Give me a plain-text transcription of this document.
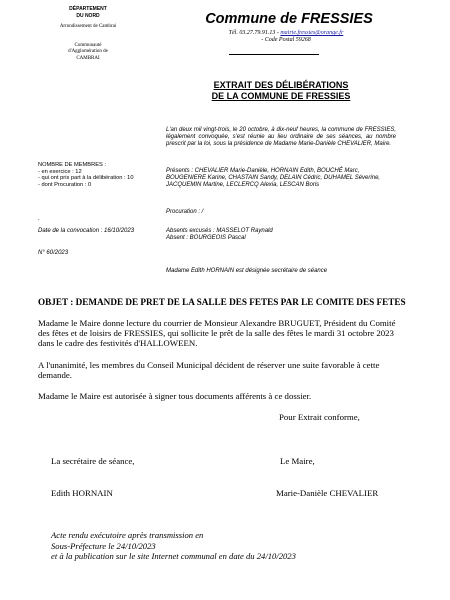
DÉPARTEMENT
DU NORD
Arrondissement de Cambrai
Communauté
d'Agglomération de
CAMBRAI
Commune de FRESSIES
Tél. 03.27.79.91.13 - mairie.fressies@orange.fr
- Code Postal 59268
EXTRAIT DES DÉLIBÉRATIONS
DE LA COMMUNE DE FRESSIES
L'an deux mil vingt-trois, le 20 octobre, à dix-neuf heures, la commune de FRESSIES, légalement convoquée, s'est réunie au lieu ordinaire de ses séances, au nombre prescrit par la loi, sous la présidence de Madame Marie-Danièle CHEVALIER, Maire.
NOMBRE DE MEMBRES :
- en exercice : 12
- qui ont pris part à la délibération : 10
- dont Procuration : 0
Présents : CHEVALIER Marie-Danièle, HORNAIN Edith, BOUCHÉ Marc, BOUGENIERE Karine, CHASTAIN Sandy, DELAIN Cédric, DUHAMEL Séverine, JACQUEMIN Martine, LECLERCQ Alexia, LESCAN Boris
Procuration : /
.
Date de la convocation : 16/10/2023	Absents excusés : MASSELOT Raynald
Absent : BOURGEOIS Pascal
N° 60/2023
Madame Edith HORNAIN est désignée secrétaire de séance
OBJET : DEMANDE DE PRET DE LA SALLE DES FETES PAR LE COMITE DES FETES
Madame le Maire donne lecture du courrier de Monsieur Alexandre BRUGUET, Président du Comité des fêtes et de loisirs de FRESSIES, qui sollicite le prêt de la salle des fêtes le mardi 31 octobre 2023 dans le cadre des festivités d'HALLOWEEN.
A l'unanimité, les membres du Conseil Municipal décident de réserver une suite favorable à cette demande.
Madame le Maire est autorisée à signer tous documents afférents à ce dossier.
Pour Extrait conforme,
La secrétaire de séance,	Le Maire,
Edith HORNAIN	Marie-Danièle CHEVALIER
Acte rendu exécutoire après transmission en
Sous-Préfecture le 24/10/2023
et à la publication sur le site Internet communal en date du 24/10/2023
